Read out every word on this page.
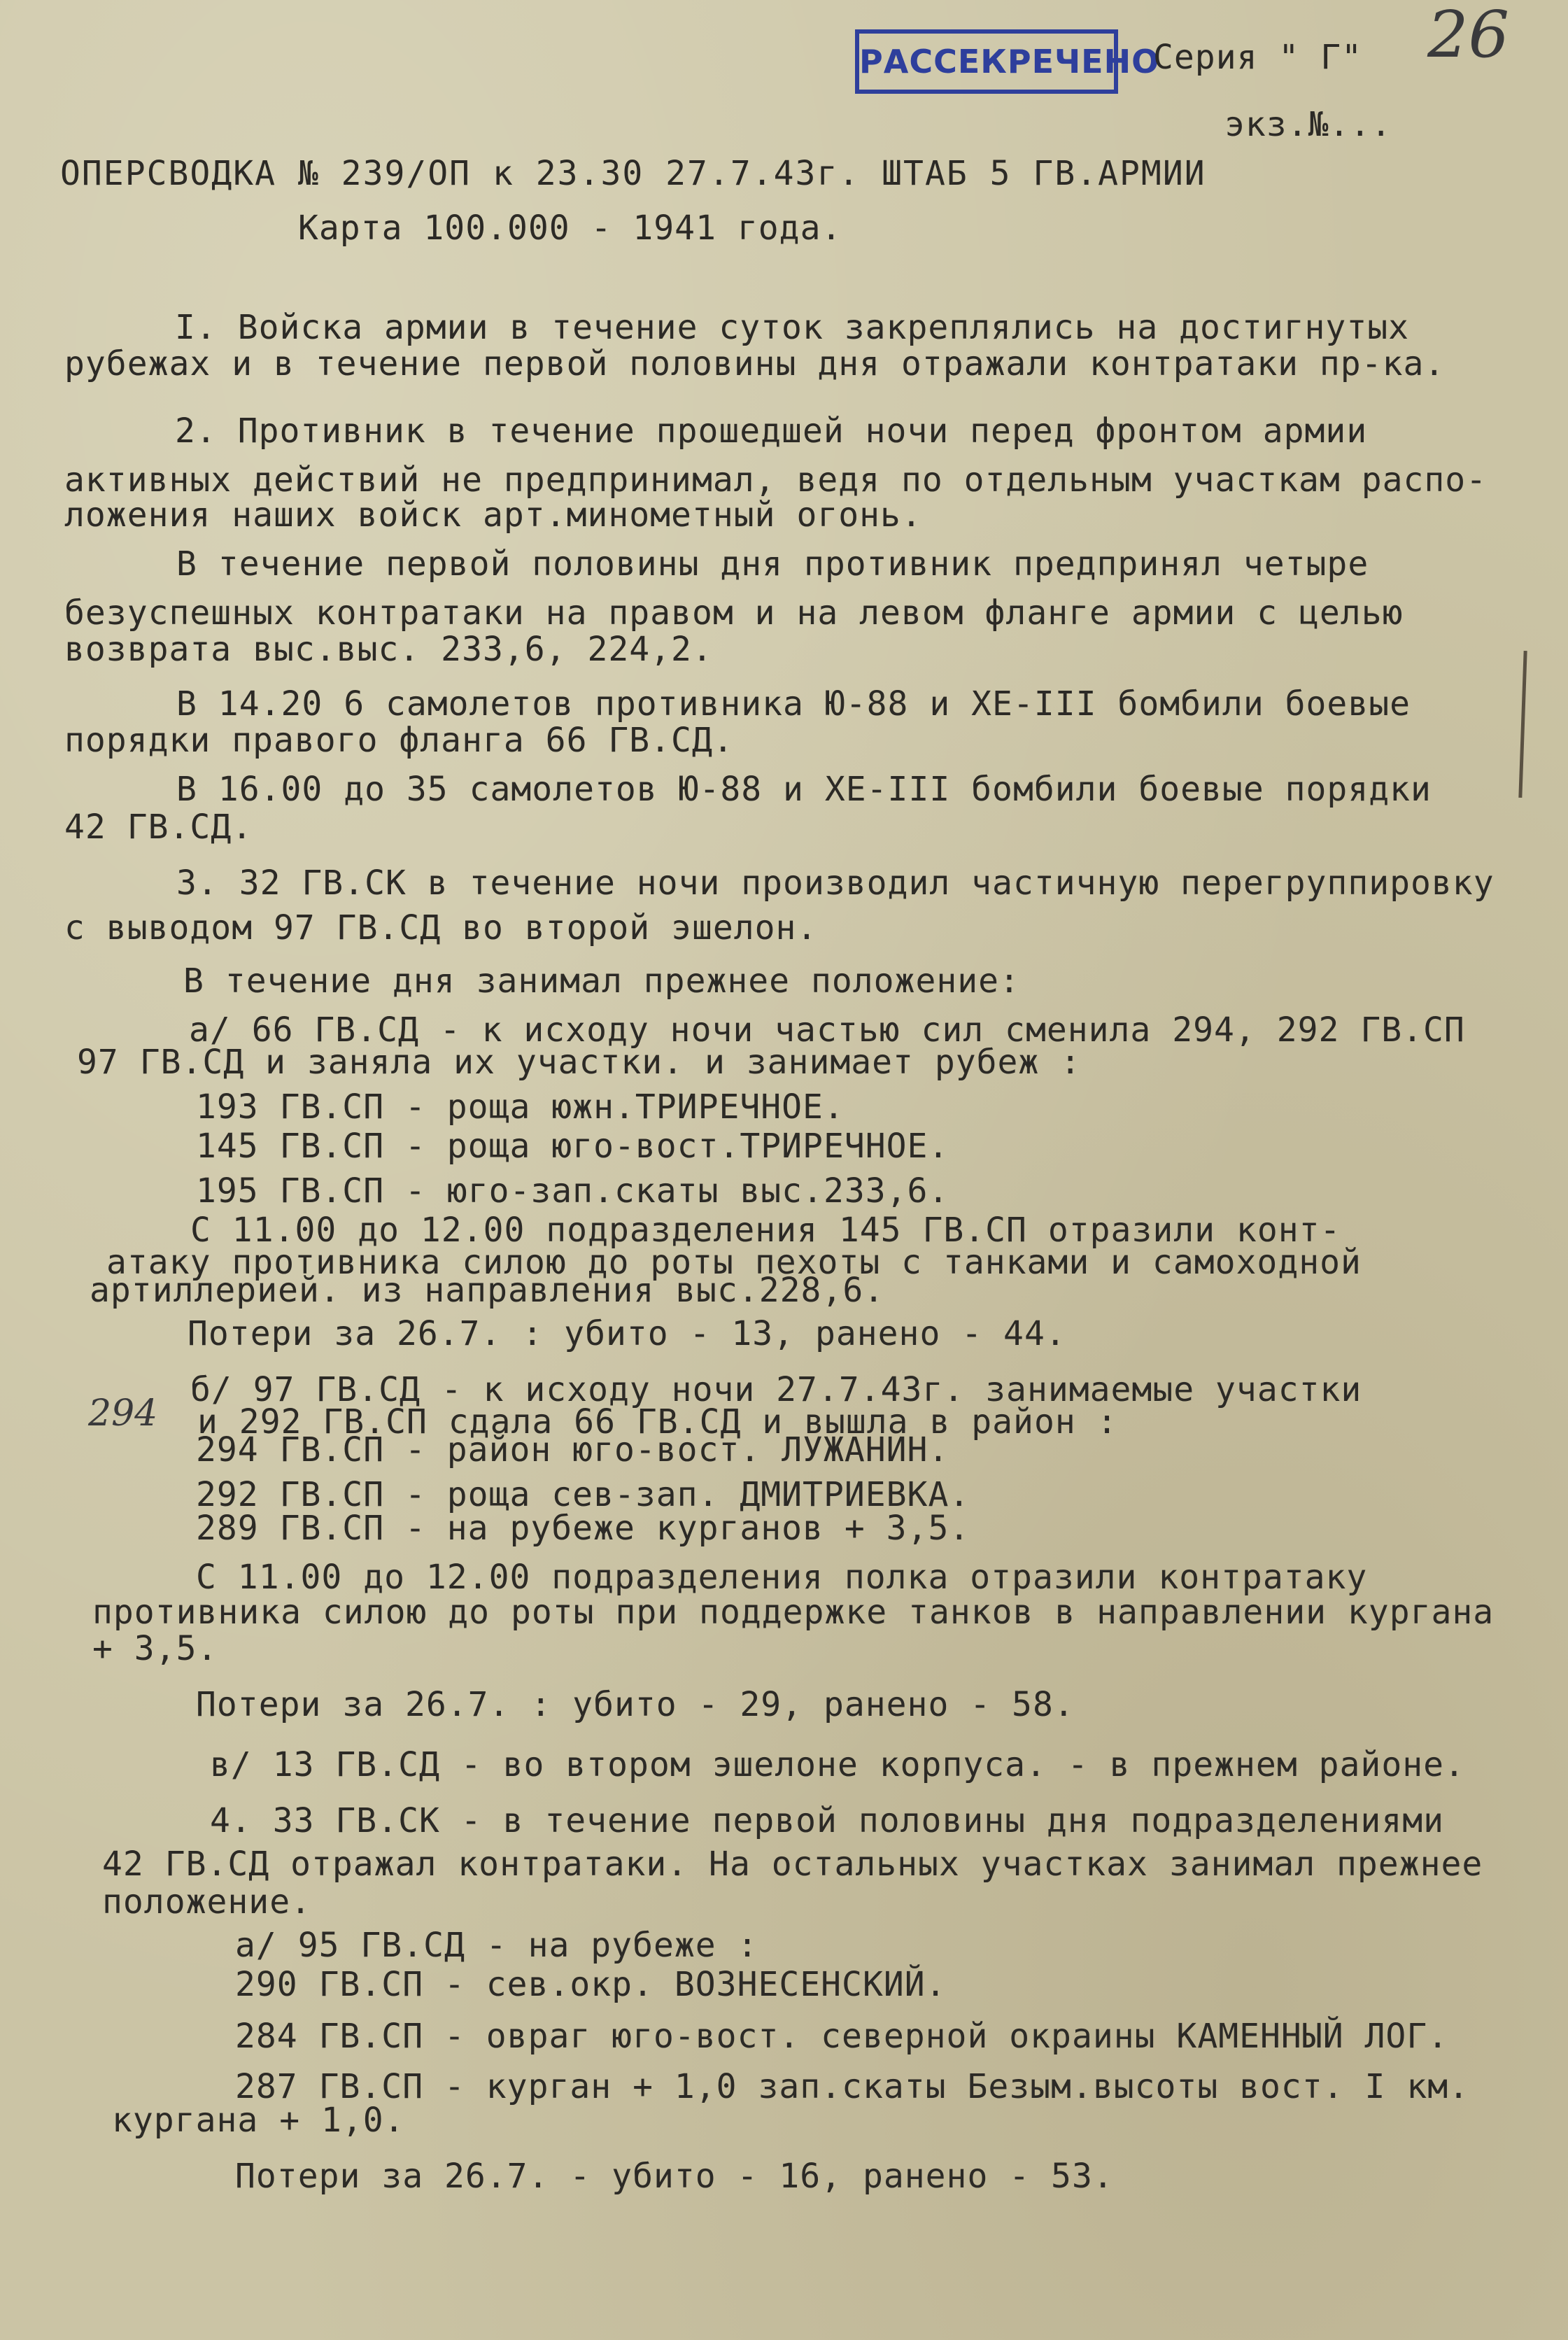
РАССЕКРЕЧЕНО	26
Серия " Г"
экз.№...
ОПЕРСВОДКА № 239/ОП к 23.30 27.7.43г. ШТАБ 5 ГВ.АРМИИ
Карта 100.000 - 1941 года.
I. Войска армии в течение суток закреплялись на достигнутых
рубежах и в течение первой половины дня отражали контратаки пр-ка.
2. Противник в течение прошедшей ночи перед фронтом армии
активных действий не предпринимал, ведя по отдельным участкам распо-
ложения наших войск арт.минометный огонь.
В течение первой половины дня противник предпринял четыре
безуспешных контратаки на правом и на левом фланге армии с целью
возврата выс.выс. 233,6, 224,2.
В 14.20 6 самолетов противника Ю-88 и ХЕ-III бомбили боевые
порядки правого фланга 66 ГВ.СД.
В 16.00 до 35 самолетов Ю-88 и ХЕ-III бомбили боевые порядки
42 ГВ.СД.
3. 32 ГВ.СК в течение ночи производил частичную перегруппировку
с выводом 97 ГВ.СД во второй эшелон.
В течение дня занимал прежнее положение:
а/ 66 ГВ.СД - к исходу ночи частью сил сменила 294, 292 ГВ.СП
97 ГВ.СД и заняла их участки. и занимает рубеж :
193 ГВ.СП - роща южн.ТРИРЕЧНОЕ.
145 ГВ.СП - роща юго-вост.ТРИРЕЧНОЕ.
195 ГВ.СП - юго-зап.скаты выс.233,6.
С 11.00 до 12.00 подразделения 145 ГВ.СП отразили конт-
атаку противника силою до роты пехоты с танками и самоходной
артиллерией. из направления выс.228,6.
Потери за 26.7. : убито - 13, ранено - 44.
б/ 97 ГВ.СД - к исходу ночи 27.7.43г. занимаемые участки
294 и 292 ГВ.СП сдала 66 ГВ.СД и вышла в район :
294 ГВ.СП - район юго-вост. ЛУЖАНИН.
292 ГВ.СП - роща сев-зап. ДМИТРИЕВКА.
289 ГВ.СП - на рубеже курганов + 3,5.
С 11.00 до 12.00 подразделения полка отразили контратаку
противника силою до роты при поддержке танков в направлении кургана
+ 3,5.
Потери за 26.7. : убито - 29, ранено - 58.
в/ 13 ГВ.СД - во втором эшелоне корпуса. - в прежнем районе.
4. 33 ГВ.СК - в течение первой половины дня подразделениями
42 ГВ.СД отражал контратаки. На остальных участках занимал прежнее
положение.
а/ 95 ГВ.СД - на рубеже :
290 ГВ.СП - сев.окр. ВОЗНЕСЕНСКИЙ.
284 ГВ.СП - овраг юго-вост. северной окраины КАМЕННЫЙ ЛОГ.
287 ГВ.СП - курган + 1,0 зап.скаты Безым.высоты вост. I км.
кургана + 1,0.
Потери за 26.7. - убито - 16, ранено - 53.
